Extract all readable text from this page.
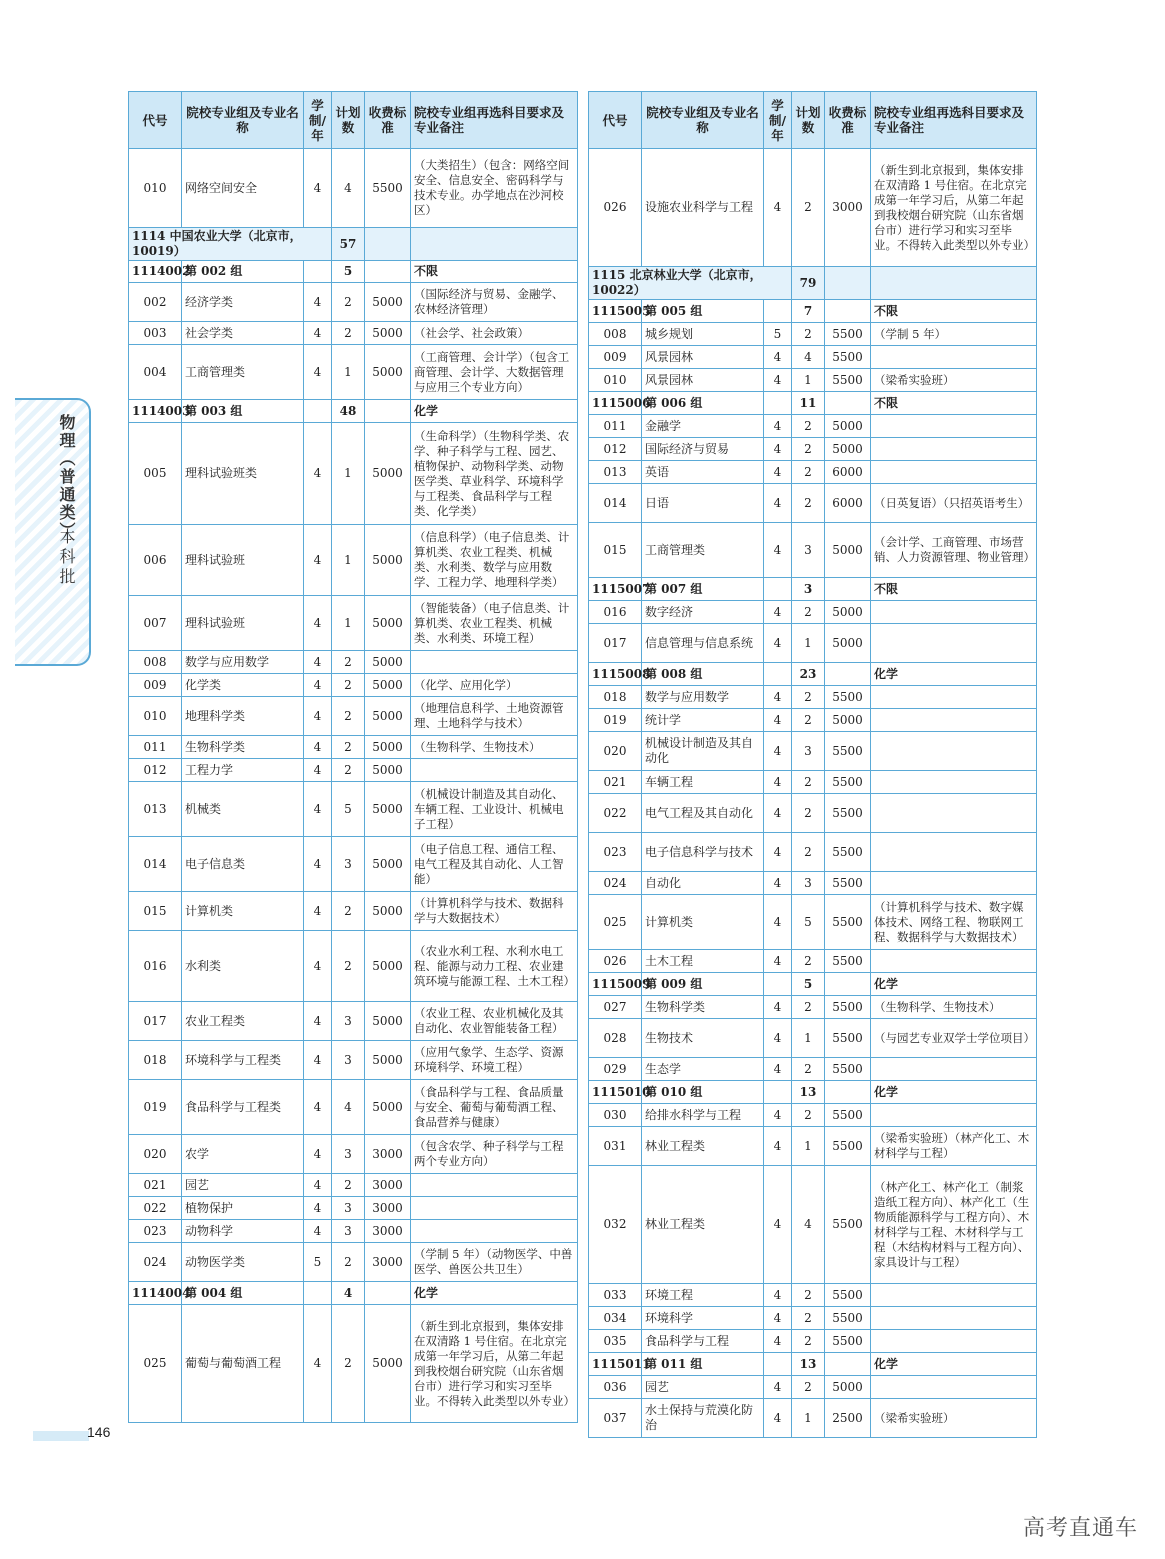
代号	院校专业组及专业名称	学制/年	计划数	收费标准	院校专业组再选科目要求及专业备注
010	网络空间安全	4	4	5500	（大类招生）（包含：网络空间安全、信息安全、密码科学与技术专业。办学地点在沙河校区）
1114 中国农业大学（北京市，10019）			57		
1114002	第 002 组		5		不限
002	经济学类	4	2	5000	（国际经济与贸易、金融学、农林经济管理）
003	社会学类	4	2	5000	（社会学、社会政策）
004	工商管理类	4	1	5000	（工商管理、会计学）（包含工商管理、会计学、大数据管理与应用三个专业方向）
1114003	第 003 组		48		化学
005	理科试验班类	4	1	5000	（生命科学）（生物科学类、农学、种子科学与工程、园艺、植物保护、动物科学类、动物医学类、草业科学、环境科学与工程类、食品科学与工程类、化学类）
006	理科试验班	4	1	5000	（信息科学）（电子信息类、计算机类、农业工程类、机械类、水利类、数学与应用数学、工程力学、地理科学类）
007	理科试验班	4	1	5000	（智能装备）（电子信息类、计算机类、农业工程类、机械类、水利类、环境工程）
008	数学与应用数学	4	2	5000	
009	化学类	4	2	5000	（化学、应用化学）
010	地理科学类	4	2	5000	（地理信息科学、土地资源管理、土地科学与技术）
011	生物科学类	4	2	5000	（生物科学、生物技术）
012	工程力学	4	2	5000	
013	机械类	4	5	5000	（机械设计制造及其自动化、车辆工程、工业设计、机械电子工程）
014	电子信息类	4	3	5000	（电子信息工程、通信工程、电气工程及其自动化、人工智能）
015	计算机类	4	2	5000	（计算机科学与技术、数据科学与大数据技术）
016	水利类	4	2	5000	（农业水利工程、水利水电工程、能源与动力工程、农业建筑环境与能源工程、土木工程）
017	农业工程类	4	3	5000	（农业工程、农业机械化及其自动化、农业智能装备工程）
018	环境科学与工程类	4	3	5000	（应用气象学、生态学、资源环境科学、环境工程）
019	食品科学与工程类	4	4	5000	（食品科学与工程、食品质量与安全、葡萄与葡萄酒工程、食品营养与健康）
020	农学	4	3	3000	（包含农学、种子科学与工程两个专业方向）
021	园艺	4	2	3000	
022	植物保护	4	3	3000	
023	动物科学	4	3	3000	
024	动物医学类	5	2	3000	（学制 5 年）（动物医学、中兽医学、兽医公共卫生）
1114004	第 004 组		4		化学
025	葡萄与葡萄酒工程	4	2	5000	（新生到北京报到，集体安排在双清路 1 号住宿。在北京完成第一年学习后，从第二年起到我校烟台研究院（山东省烟台市）进行学习和实习至毕业。不得转入此类型以外专业）
代号	院校专业组及专业名称	学制/年	计划数	收费标准	院校专业组再选科目要求及专业备注
026	设施农业科学与工程	4	2	3000	（新生到北京报到，集体安排在双清路 1 号住宿。在北京完成第一年学习后，从第二年起到我校烟台研究院（山东省烟台市）进行学习和实习至毕业。不得转入此类型以外专业）
1115 北京林业大学（北京市，10022）			79		
1115005	第 005 组		7		不限
008	城乡规划	5	2	5500	（学制 5 年）
009	风景园林	4	4	5500	
010	风景园林	4	1	5500	（梁希实验班）
1115006	第 006 组		11		不限
011	金融学	4	2	5000	
012	国际经济与贸易	4	2	5000	
013	英语	4	2	6000	
014	日语	4	2	6000	（日英复语）（只招英语考生）
015	工商管理类	4	3	5000	（会计学、工商管理、市场营销、人力资源管理、物业管理）
1115007	第 007 组		3		不限
016	数字经济	4	2	5000	
017	信息管理与信息系统	4	1	5000	
1115008	第 008 组		23		化学
018	数学与应用数学	4	2	5500	
019	统计学	4	2	5000	
020	机械设计制造及其自动化	4	3	5500	
021	车辆工程	4	2	5500	
022	电气工程及其自动化	4	2	5500	
023	电子信息科学与技术	4	2	5500	
024	自动化	4	3	5500	
025	计算机类	4	5	5500	（计算机科学与技术、数字媒体技术、网络工程、物联网工程、数据科学与大数据技术）
026	土木工程	4	2	5500	
1115009	第 009 组		5		化学
027	生物科学类	4	2	5500	（生物科学、生物技术）
028	生物技术	4	1	5500	（与园艺专业双学士学位项目）
029	生态学	4	2	5500	
1115010	第 010 组		13		化学
030	给排水科学与工程	4	2	5500	
031	林业工程类	4	1	5500	（梁希实验班）（林产化工、木材科学与工程）
032	林业工程类	4	4	5500	（林产化工、林产化工（制浆造纸工程方向）、林产化工（生物质能源科学与工程方向）、木材科学与工程、木材科学与工程（木结构材料与工程方向）、家具设计与工程）
033	环境工程	4	2	5500	
034	环境科学	4	2	5500	
035	食品科学与工程	4	2	5500	
1115011	第 011 组		13		化学
036	园艺	4	2	5000	
037	水土保持与荒漠化防治	4	1	2500	（梁希实验班）
物理（普通类）
本科批
146
高考直通车
